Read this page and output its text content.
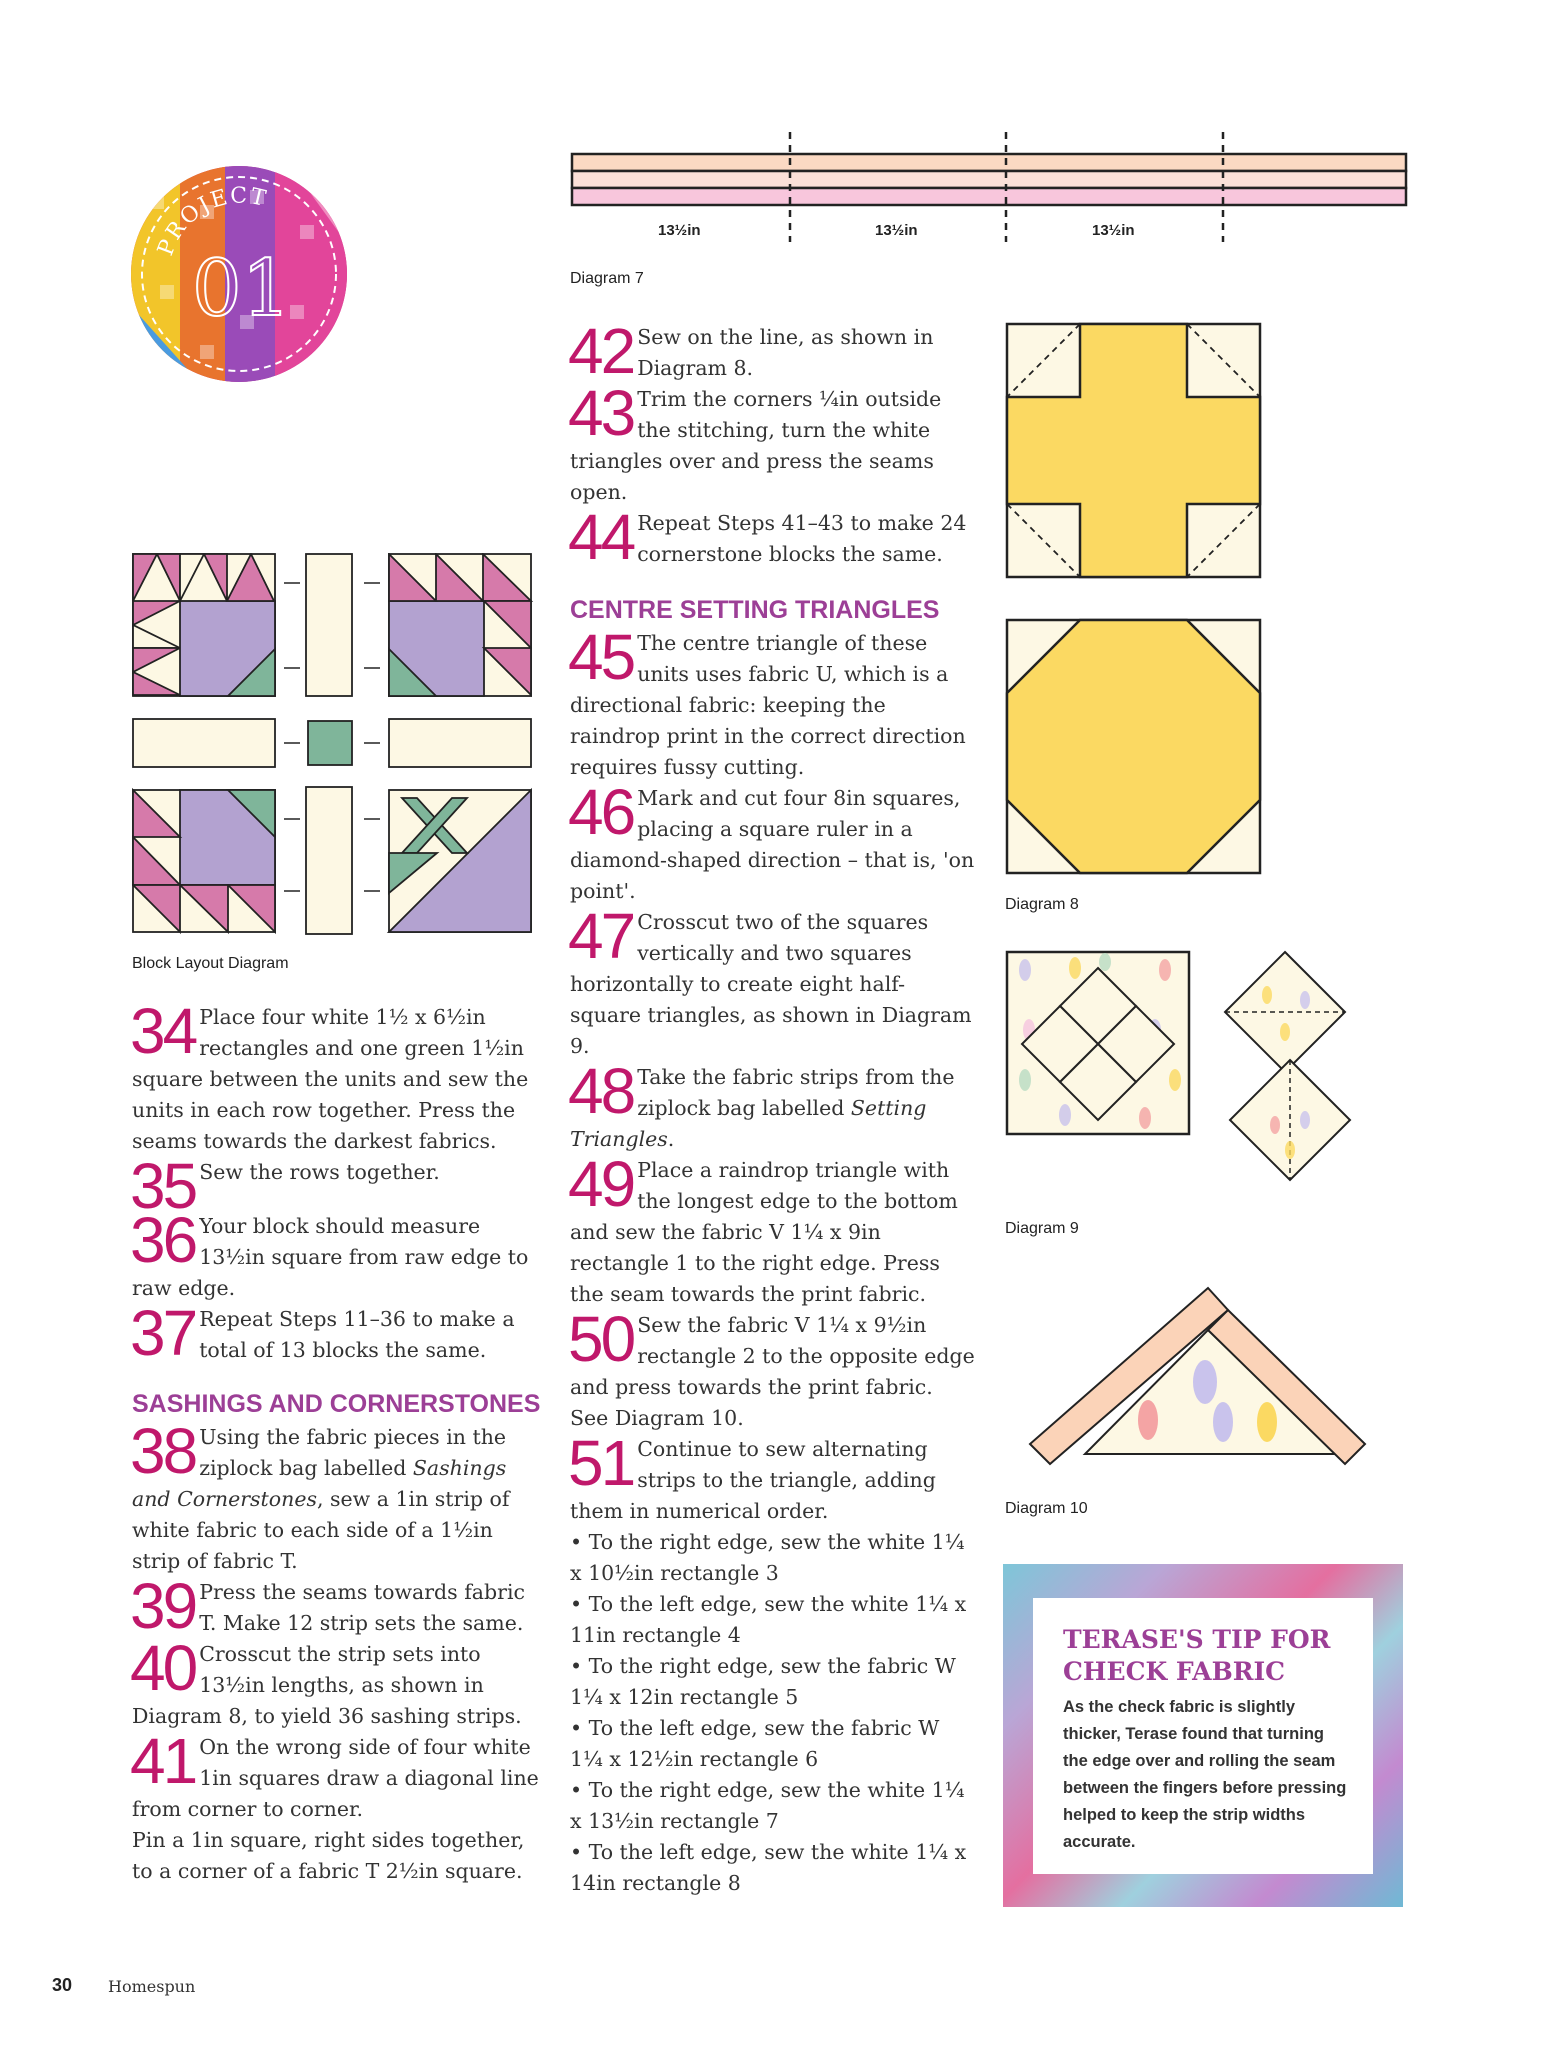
PROJECT
01
13½in	13½in	13½in
Diagram 7
Block Layout Diagram

34 Place four white 1½ x 6½in rectangles and one green 1½in square between the units and sew the units in each row together. Press the seams towards the darkest fabrics.

35 Sew the rows together.

36 Your block should measure 13½in square from raw edge to raw edge.

37 Repeat Steps 11–36 to make a total of 13 blocks the same.

SASHINGS AND CORNERSTONES

38 Using the fabric pieces in the ziplock bag labelled Sashings and Cornerstones, sew a 1in strip of white fabric to each side of a 1½in strip of fabric T.

39 Press the seams towards fabric T. Make 12 strip sets the same.

40 Crosscut the strip sets into 13½in lengths, as shown in Diagram 8, to yield 36 sashing strips.

41 On the wrong side of four white 1in squares draw a diagonal line from corner to corner.

Pin a 1in square, right sides together, to a corner of a fabric T 2½in square.

42 Sew on the line, as shown in Diagram 8.

43 Trim the corners ¼in outside the stitching, turn the white triangles over and press the seams open.

44 Repeat Steps 41–43 to make 24 cornerstone blocks the same.

CENTRE SETTING TRIANGLES

45 The centre triangle of these units uses fabric U, which is a directional fabric: keeping the raindrop print in the correct direction requires fussy cutting.

46 Mark and cut four 8in squares, placing a square ruler in a diamond-shaped direction – that is, 'on point'.

47 Crosscut two of the squares vertically and two squares horizontally to create eight half-square triangles, as shown in Diagram 9.

48 Take the fabric strips from the ziplock bag labelled Setting Triangles.

49 Place a raindrop triangle with the longest edge to the bottom and sew the fabric V 1¼ x 9in rectangle 1 to the right edge. Press the seam towards the print fabric.

50 Sew the fabric V 1¼ x 9½in rectangle 2 to the opposite edge and press towards the print fabric. See Diagram 10.

51 Continue to sew alternating strips to the triangle, adding them in numerical order.

• To the right edge, sew the white 1¼ x 10½in rectangle 3

• To the left edge, sew the white 1¼ x 11in rectangle 4

• To the right edge, sew the fabric W 1¼ x 12in rectangle 5

• To the left edge, sew the fabric W 1¼ x 12½in rectangle 6

• To the right edge, sew the white 1¼ x 13½in rectangle 7

• To the left edge, sew the white 1¼ x 14in rectangle 8

Diagram 8
Diagram 9
Diagram 10
TERASE'S TIP FOR CHECK FABRIC
As the check fabric is slightly thicker, Terase found that turning the edge over and rolling the seam between the fingers before pressing helped to keep the strip widths accurate.
30 Homespun
